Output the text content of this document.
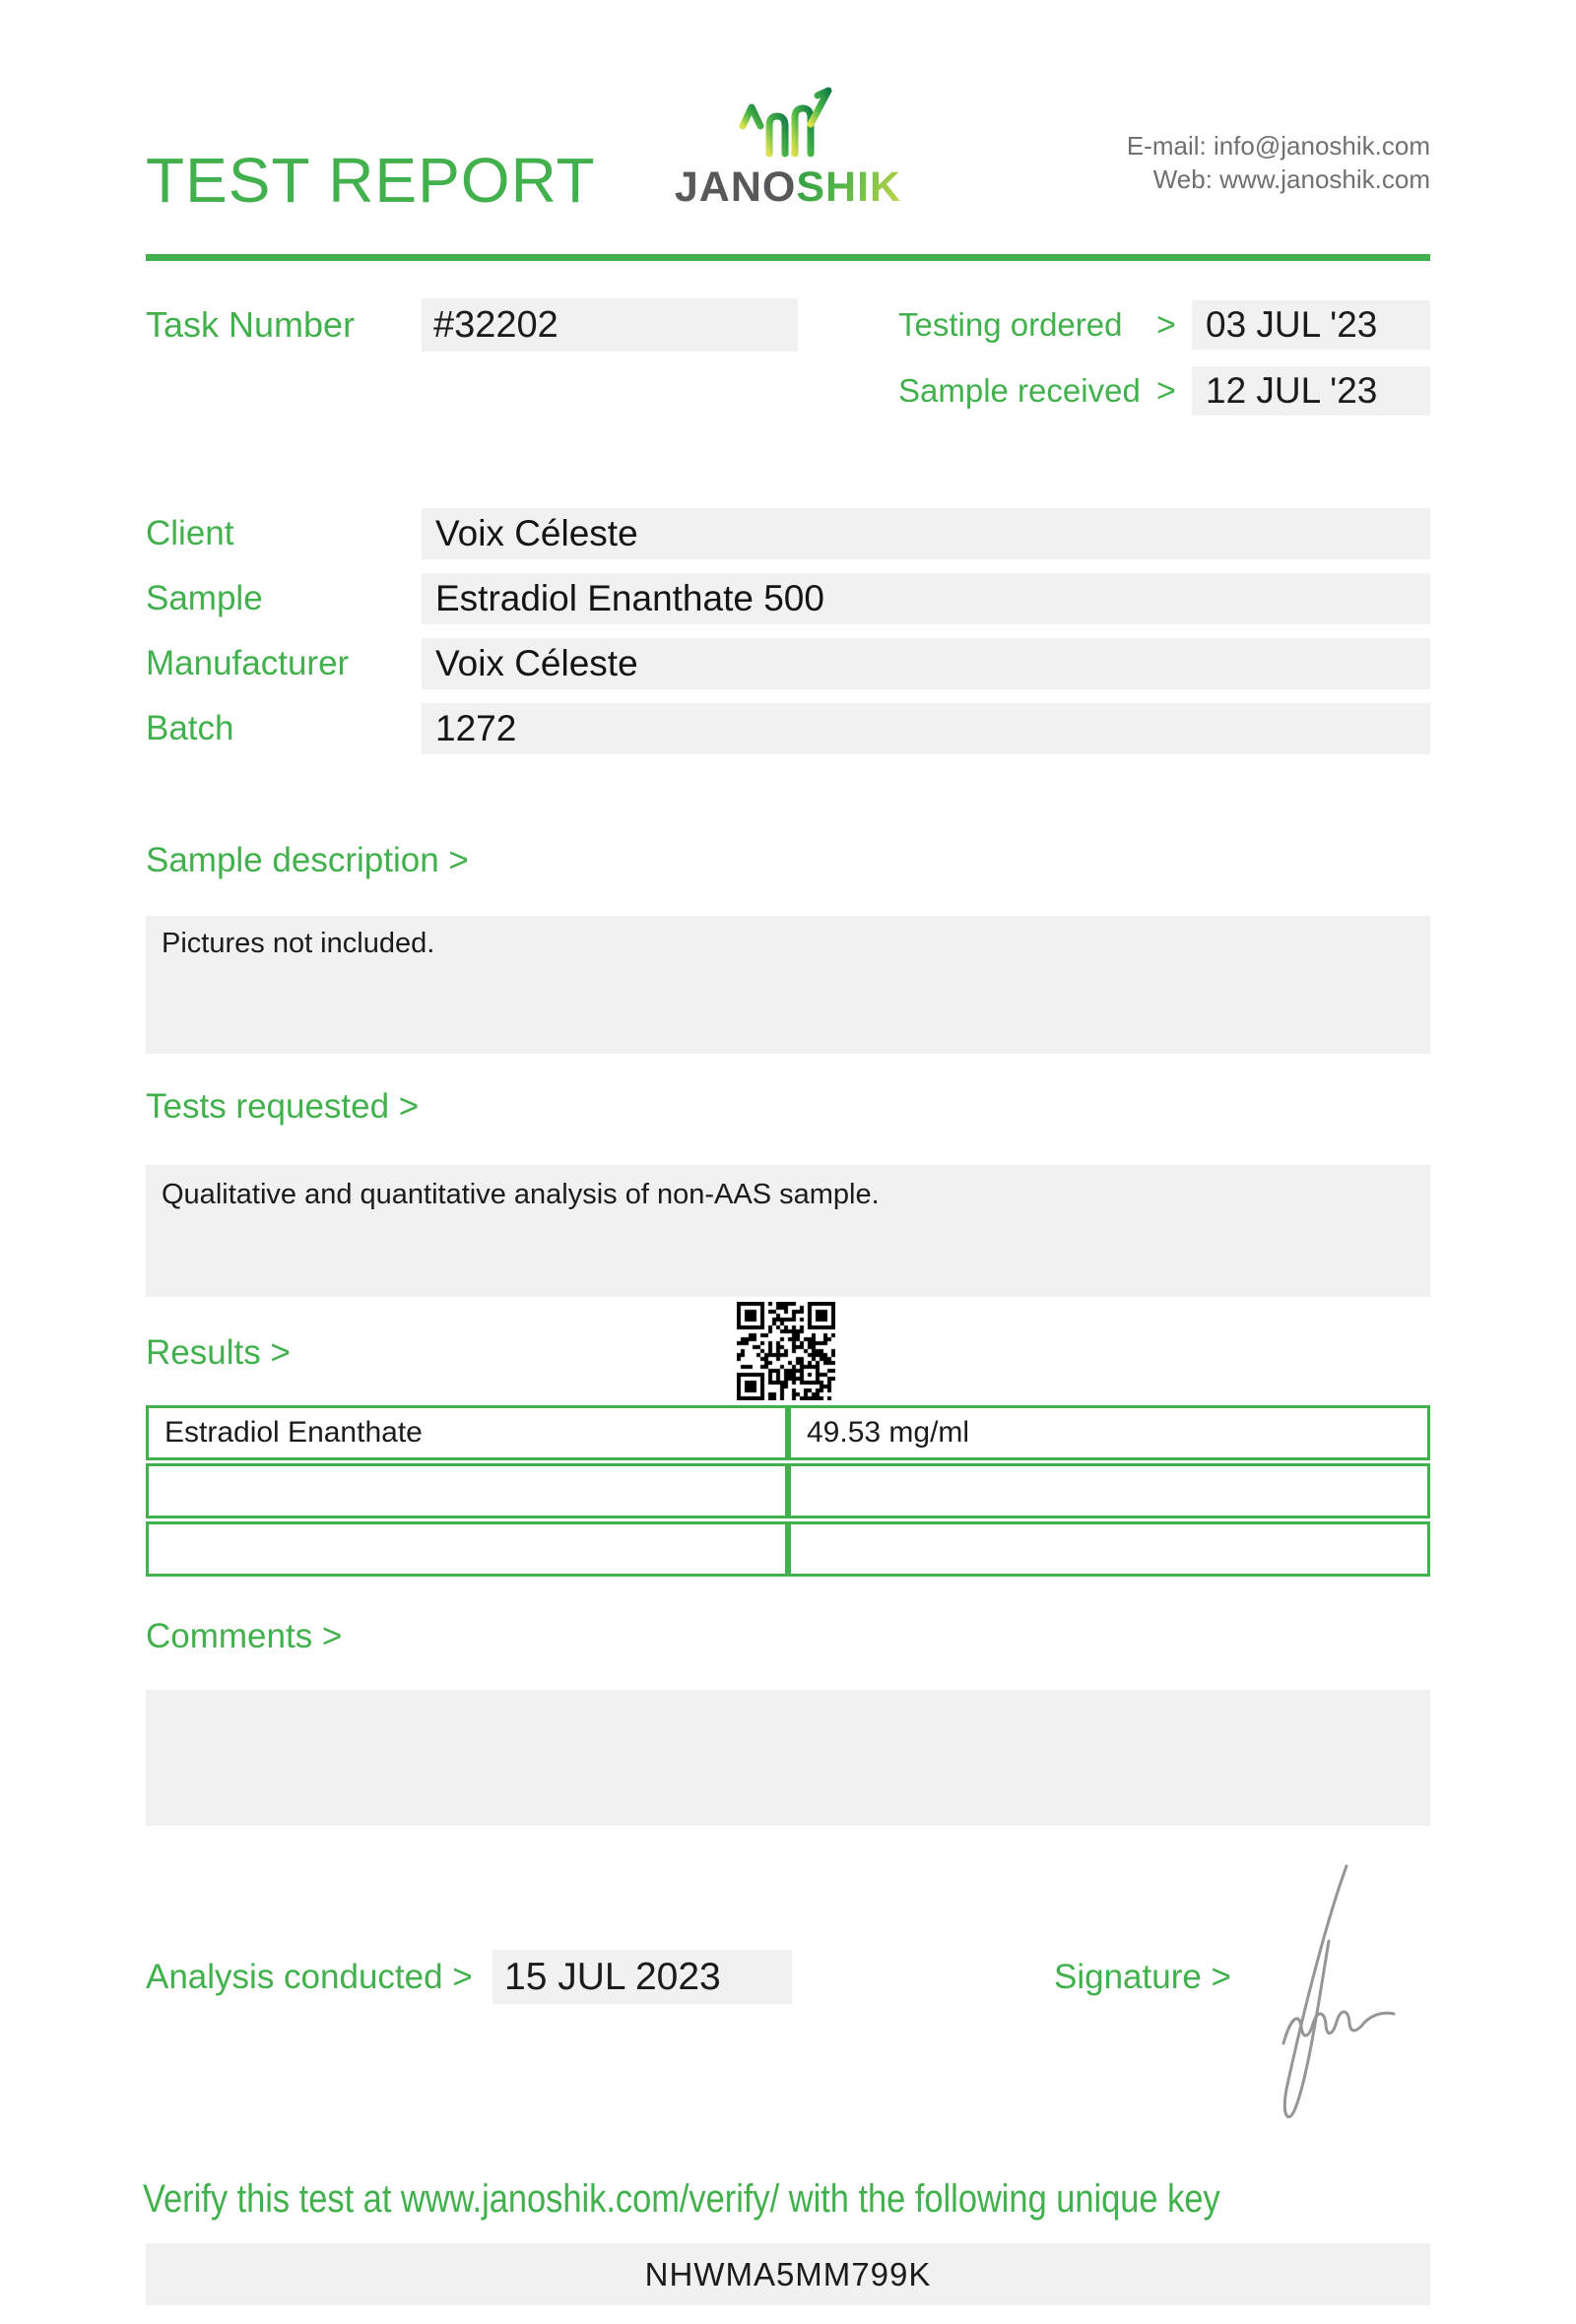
TEST REPORT	JANOSHIK
E-mail: info@janoshik.com
Web: www.janoshik.com
Task Number	#32202	Testing ordered > 03 JUL '23
Sample received > 12 JUL '23
Client	Voix Céleste
Sample	Estradiol Enanthate 500
Manufacturer	Voix Céleste
Batch	1272
Sample description >
Pictures not included.
Tests requested >
Qualitative and quantitative analysis of non-AAS sample.
Results >
Estradiol Enanthate	49.53 mg/ml
Comments >
Analysis conducted > 15 JUL 2023	Signature >
Verify this test at www.janoshik.com/verify/ with the following unique key
NHWMA5MM799K
